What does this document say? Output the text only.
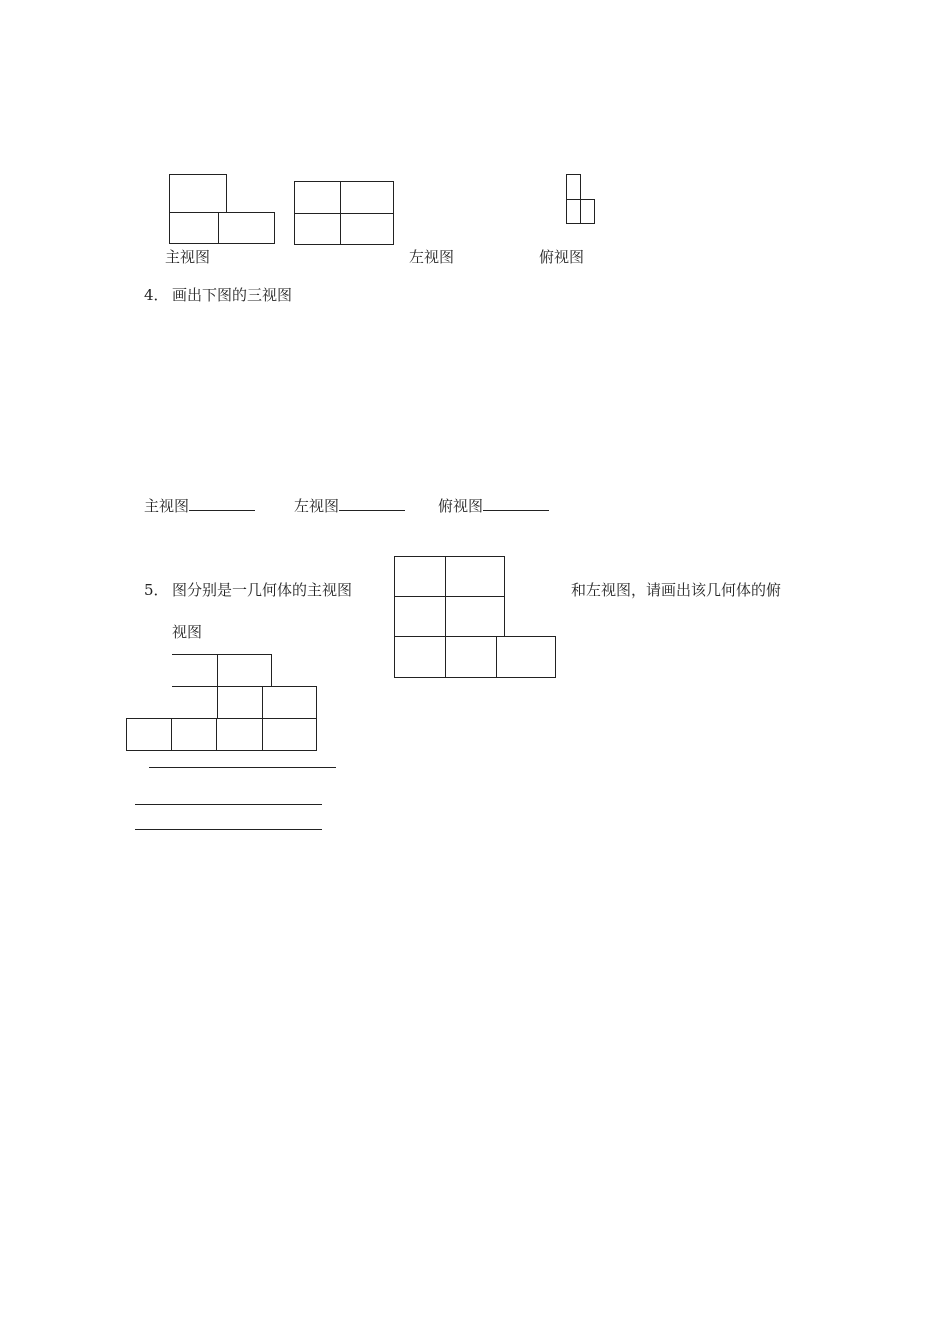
主视图	左视图	俯视图
4． 画出下图的三视图
主视图	左视图	俯视图
5． 图分别是一几何体的主视图	和左视图，请画出该几何体的俯
视图
